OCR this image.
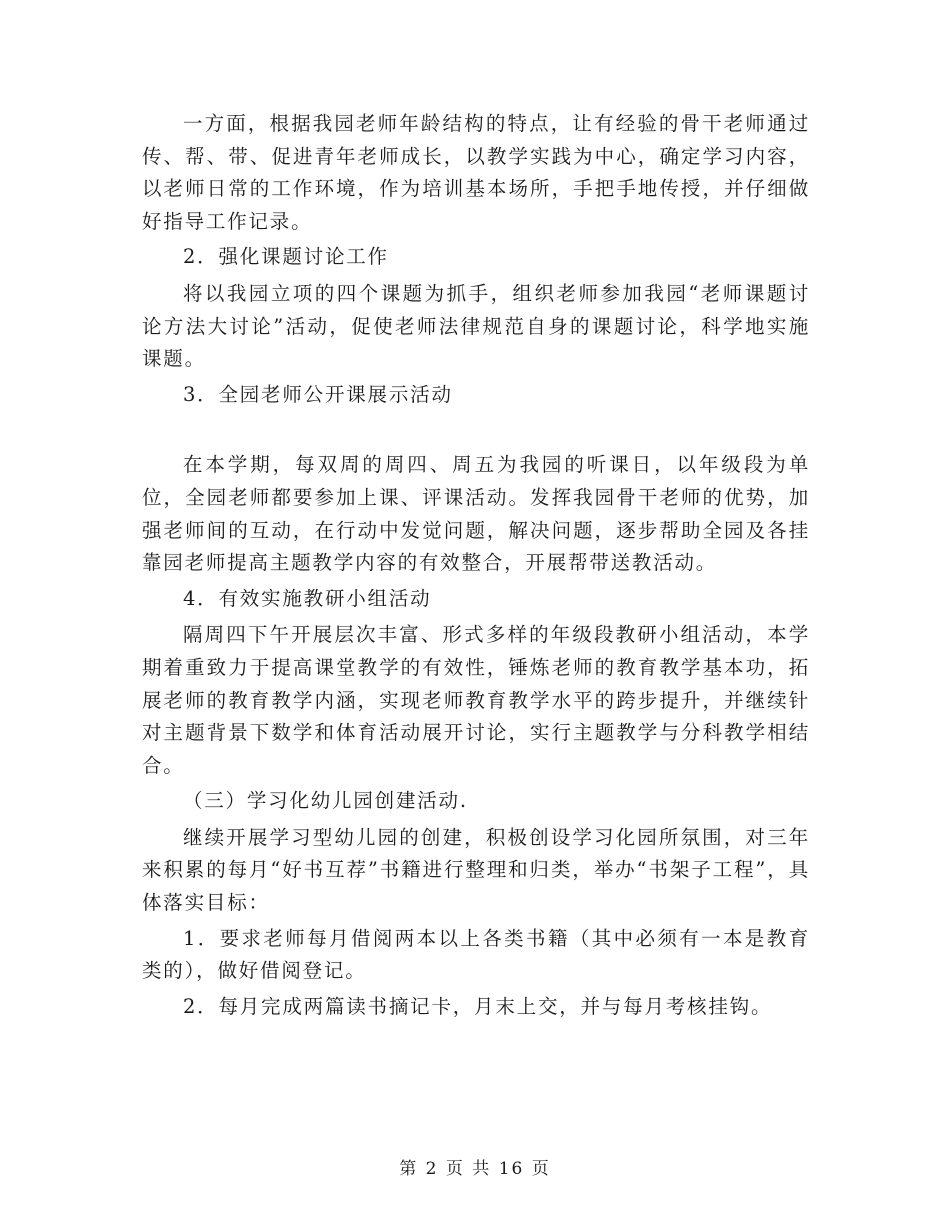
一方面，根据我园老师年龄结构的特点，让有经验的骨干老师通过传、帮、带、促进青年老师成长，以教学实践为中心，确定学习内容，以老师日常的工作环境，作为培训基本场所，手把手地传授，并仔细做好指导工作记录。

2．强化课题讨论工作

将以我园立项的四个课题为抓手，组织老师参加我园“老师课题讨论方法大讨论”活动，促使老师法律规范自身的课题讨论，科学地实施课题。

3．全园老师公开课展示活动

在本学期，每双周的周四、周五为我园的听课日，以年级段为单位，全园老师都要参加上课、评课活动。发挥我园骨干老师的优势，加强老师间的互动，在行动中发觉问题，解决问题，逐步帮助全园及各挂靠园老师提高主题教学内容的有效整合，开展帮带送教活动。

4．有效实施教研小组活动

隔周四下午开展层次丰富、形式多样的年级段教研小组活动，本学期着重致力于提高课堂教学的有效性，锤炼老师的教育教学基本功，拓展老师的教育教学内涵，实现老师教育教学水平的跨步提升，并继续针对主题背景下数学和体育活动展开讨论，实行主题教学与分科教学相结合。

（三）学习化幼儿园创建活动.

继续开展学习型幼儿园的创建，积极创设学习化园所氛围，对三年来积累的每月“好书互荐”书籍进行整理和归类，举办“书架子工程”，具体落实目标：

1．要求老师每月借阅两本以上各类书籍（其中必须有一本是教育类的），做好借阅登记。

2．每月完成两篇读书摘记卡，月末上交，并与每月考核挂钩。

第 2 页 共 16 页
